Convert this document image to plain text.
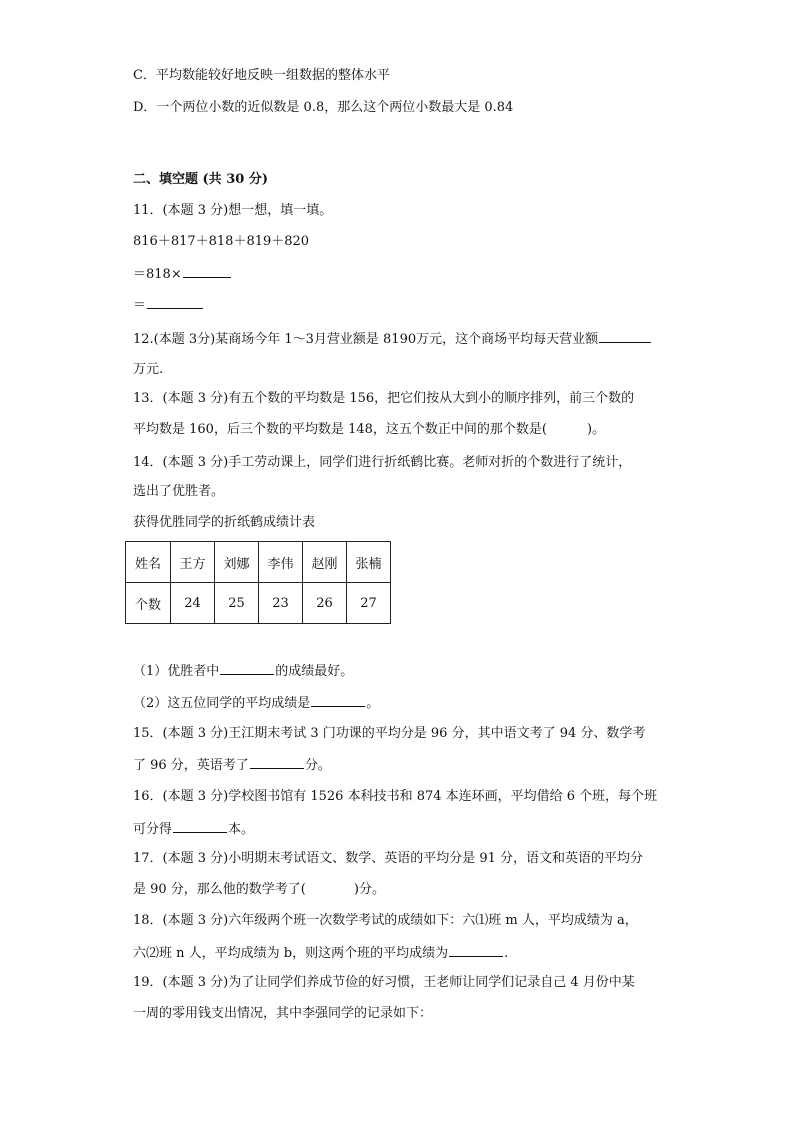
C．平均数能较好地反映一组数据的整体水平
D．一个两位小数的近似数是 0.8，那么这个两位小数最大是 0.84
二、填空题 (共 30 分)
11．(本题 3 分)想一想，填一填。
816＋817＋818＋819＋820
＝818×
＝
12.(本题 3分)某商场今年 1～3月营业额是 8190万元，这个商场平均每天营业额
万元.
13．(本题 3 分)有五个数的平均数是 156，把它们按从大到小的顺序排列，前三个数的
平均数是 160，后三个数的平均数是 148，这五个数正中间的那个数是(	)。
14．(本题 3 分)手工劳动课上，同学们进行折纸鹤比赛。老师对折的个数进行了统计，
选出了优胜者。
获得优胜同学的折纸鹤成绩计表
姓名	王方	刘娜	李伟	赵刚	张楠
个数	24	25	23	26	27
（1）优胜者中	的成绩最好。
（2）这五位同学的平均成绩是	。
15．(本题 3 分)王江期末考试 3 门功课的平均分是 96 分，其中语文考了 94 分、数学考
了 96 分，英语考了	分。
16．(本题 3 分)学校图书馆有 1526 本科技书和 874 本连环画，平均借给 6 个班，每个班
可分得	本。
17．(本题 3 分)小明期末考试语文、数学、英语的平均分是 91 分，语文和英语的平均分
是 90 分，那么他的数学考了(	)分。
18．(本题 3 分)六年级两个班一次数学考试的成绩如下：六⑴班 m 人，平均成绩为 a，
六⑵班 n 人，平均成绩为 b，则这两个班的平均成绩为	.
19．(本题 3 分)为了让同学们养成节俭的好习惯，王老师让同学们记录自己 4 月份中某
一周的零用钱支出情况，其中李强同学的记录如下：
